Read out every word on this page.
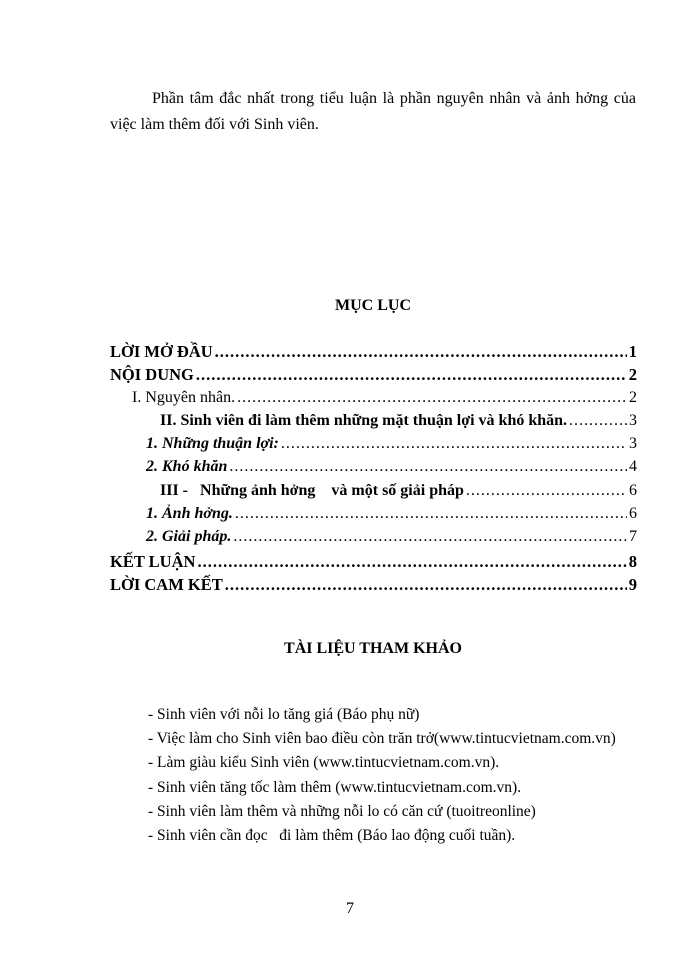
Phần tâm đắc nhất trong tiểu luận là phần nguyên nhân và ảnh hởng của việc làm thêm đối với Sinh viên.

MỤC LỤC
LỜI MỞ ĐẦU .....	1
NỘI DUNG .....	2
I. Nguyên nhân. .....	2
II. Sinh viên đi làm thêm những mặt thuận lợi và khó khăn. .....	3
1. Những thuận lợi: .....	3
2. Khó khăn .....	4
III -   Những ảnh hởng    và một số giải pháp .....	6
1. Ảnh hởng. .....	6
2. Giải pháp. .....	7
KẾT LUẬN .....	8
LỜI CAM KẾT .....	9
TÀI LIỆU THAM KHẢO
- Sinh viên với nỗi lo tăng giá (Báo phụ nữ)
- Việc làm cho Sinh viên bao điều còn trăn trở(www.tintucvietnam.com.vn)
- Làm giàu kiểu Sinh viên (www.tintucvietnam.com.vn).
- Sinh viên tăng tốc làm thêm (www.tintucvietnam.com.vn).
- Sinh viên làm thêm và những nỗi lo có căn cứ (tuoitreonline)
- Sinh viên cần đọc   đi làm thêm (Báo lao động cuối tuần).

7
